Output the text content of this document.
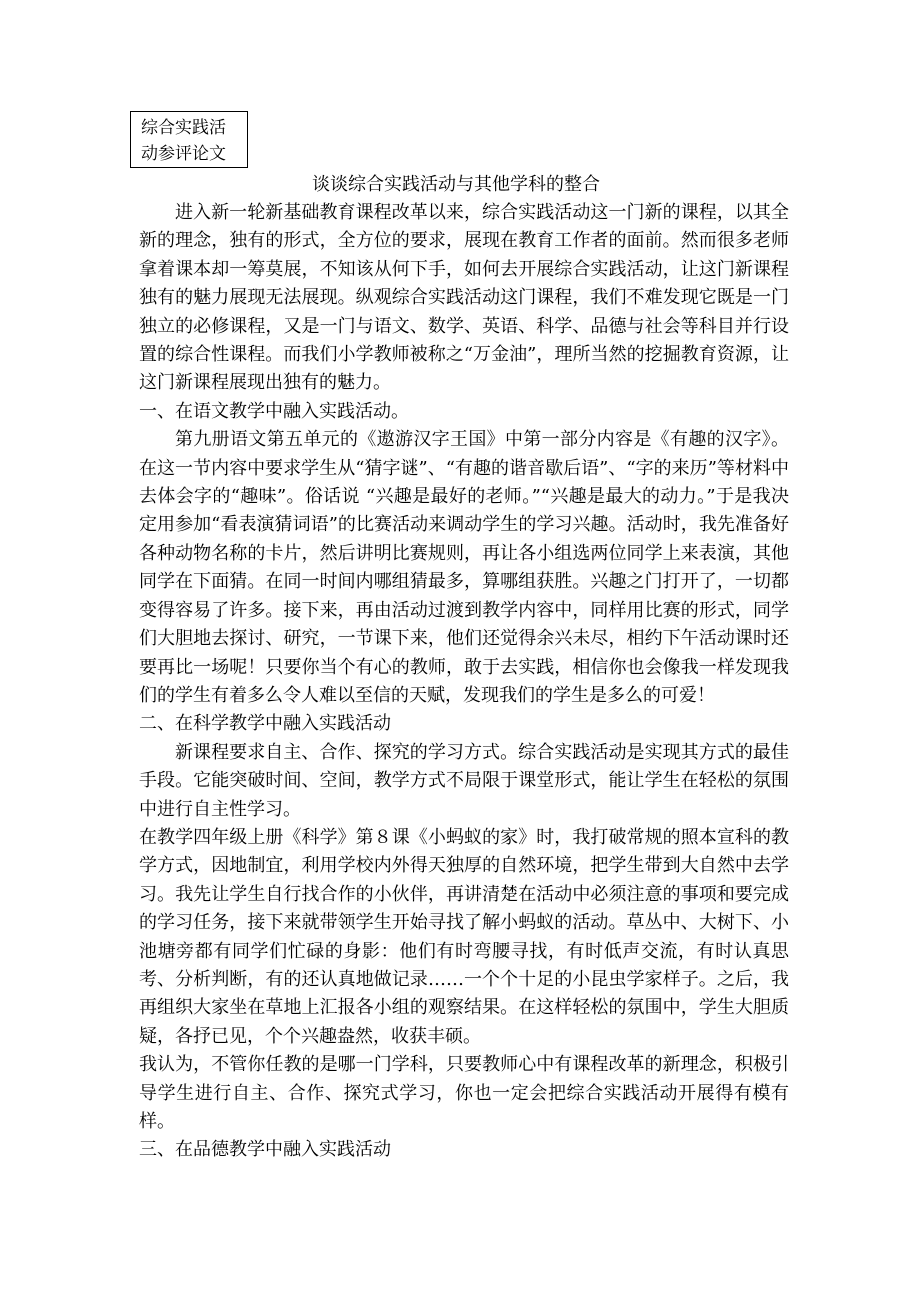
综合实践活
动参评论文
谈谈综合实践活动与其他学科的整合

进入新一轮新基础教育课程改革以来，综合实践活动这一门新的课程，以其全新的理念，独有的形式，全方位的要求，展现在教育工作者的面前。然而很多老师拿着课本却一筹莫展，不知该从何下手，如何去开展综合实践活动，让这门新课程独有的魅力展现无法展现。纵观综合实践活动这门课程，我们不难发现它既是一门独立的必修课程，又是一门与语文、数学、英语、科学、品德与社会等科目并行设置的综合性课程。而我们小学教师被称之“万金油”，理所当然的挖掘教育资源，让这门新课程展现出独有的魅力。

一、在语文教学中融入实践活动。

第九册语文第五单元的《遨游汉字王国》中第一部分内容是《有趣的汉字》。在这一节内容中要求学生从“猜字谜”、“有趣的谐音歇后语”、“字的来历”等材料中去体会字的“趣味”。俗话说 “兴趣是最好的老师。”“兴趣是最大的动力。”于是我决定用参加“看表演猜词语”的比赛活动来调动学生的学习兴趣。活动时，我先准备好各种动物名称的卡片，然后讲明比赛规则，再让各小组选两位同学上来表演，其他同学在下面猜。在同一时间内哪组猜最多，算哪组获胜。兴趣之门打开了，一切都变得容易了许多。接下来，再由活动过渡到教学内容中，同样用比赛的形式，同学们大胆地去探讨、研究，一节课下来，他们还觉得余兴未尽，相约下午活动课时还要再比一场呢！只要你当个有心的教师，敢于去实践，相信你也会像我一样发现我们的学生有着多么令人难以至信的天赋，发现我们的学生是多么的可爱！

二、在科学教学中融入实践活动

新课程要求自主、合作、探究的学习方式。综合实践活动是实现其方式的最佳手段。它能突破时间、空间，教学方式不局限于课堂形式，能让学生在轻松的氛围中进行自主性学习。

在教学四年级上册《科学》第８课《小蚂蚁的家》时，我打破常规的照本宣科的教学方式，因地制宜，利用学校内外得天独厚的自然环境，把学生带到大自然中去学习。我先让学生自行找合作的小伙伴，再讲清楚在活动中必须注意的事项和要完成的学习任务，接下来就带领学生开始寻找了解小蚂蚁的活动。草丛中、大树下、小池塘旁都有同学们忙碌的身影：他们有时弯腰寻找，有时低声交流，有时认真思考、分析判断，有的还认真地做记录……一个个十足的小昆虫学家样子。之后，我再组织大家坐在草地上汇报各小组的观察结果。在这样轻松的氛围中，学生大胆质疑，各抒已见，个个兴趣盎然，收获丰硕。

我认为，不管你任教的是哪一门学科，只要教师心中有课程改革的新理念，积极引导学生进行自主、合作、探究式学习，你也一定会把综合实践活动开展得有模有样。

三、在品德教学中融入实践活动
